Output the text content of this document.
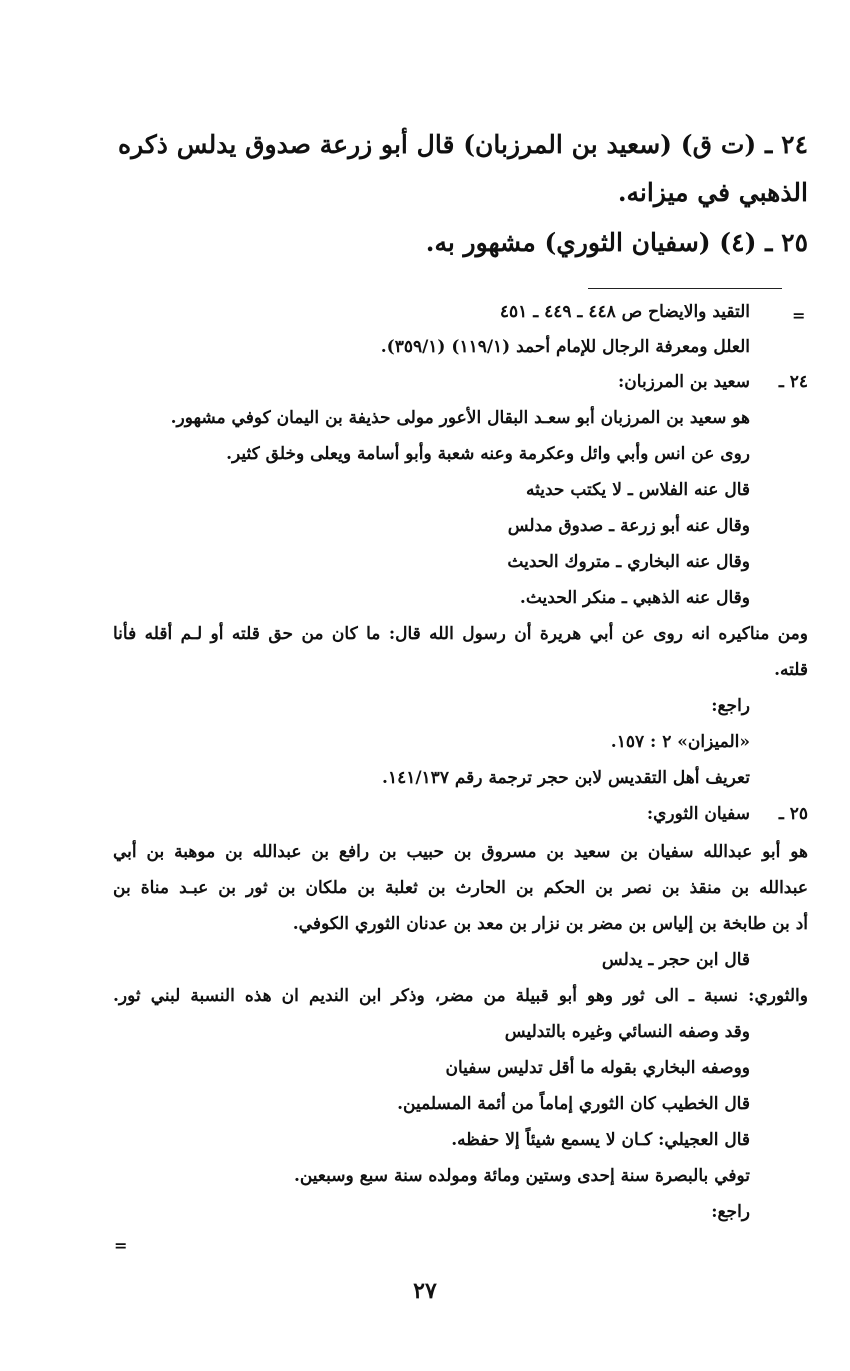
٢٤ ـ (ت ق) (سعيد بن المرزبان) قال أبو زرعة صدوق يدلس ذكره
الذهبي في ميزانه.
٢٥ ـ (٤) (سفيان الثوري) مشهور به.
=
التقيد والايضاح ص ٤٤٨ ـ ٤٤٩ ـ ٤٥١
العلل ومعرفة الرجال للإمام أحمد (١١٩/١) (٣٥٩/١).
٢٤ ـ
سعيد بن المرزبان:
هو سعيد بن المرزبان أبو سعـد البقال الأعور مولى حذيفة بن اليمان كوفي مشهور.
روى عن انس وأبي وائل وعكرمة وعنه شعبة وأبو أسامة ويعلى وخلق كثير.
قال عنه الفلاس ـ لا يكتب حديثه
وقال عنه أبو زرعة ـ صدوق مدلس
وقال عنه البخاري ـ متروك الحديث
وقال عنه الذهبي ـ منكر الحديث.
ومن مناكيره انه روى عن أبي هريرة أن رسول الله قال: ما كان من حق قلته أو لـم أقله فأنا
قلته.
راجع:
«الميزان» ٢ : ١٥٧.
تعريف أهل التقديس لابن حجر ترجمة رقم ١٤١/١٣٧.
٢٥ ـ
سفيان الثوري:
هو أبو عبدالله سفيان بن سعيد بن مسروق بن حبيب بن رافع بن عبدالله بن موهبة بن أبي
عبدالله بن منقذ بن نصر بن الحكم بن الحارث بن ثعلبة بن ملكان بن ثور بن عبـد مناة بن
أد بن طابخة بن إلياس بن مضر بن نزار بن معد بن عدنان الثوري الكوفي.
قال ابن حجر ـ يدلس
والثوري: نسبة ـ الى ثور وهو أبو قبيلة من مضر، وذكر ابن النديم ان هذه النسبة لبني ثور.
وقد وصفه النسائي وغيره بالتدليس
ووصفه البخاري بقوله ما أقل تدليس سفيان
قال الخطيب كان الثوري إماماً من أئمة المسلمين.
قال العجيلي: كـان لا يسمع شيئاً إلا حفظه.
توفي بالبصرة سنة إحدى وستين ومائة ومولده سنة سبع وسبعين.
راجع:
=
٢٧
